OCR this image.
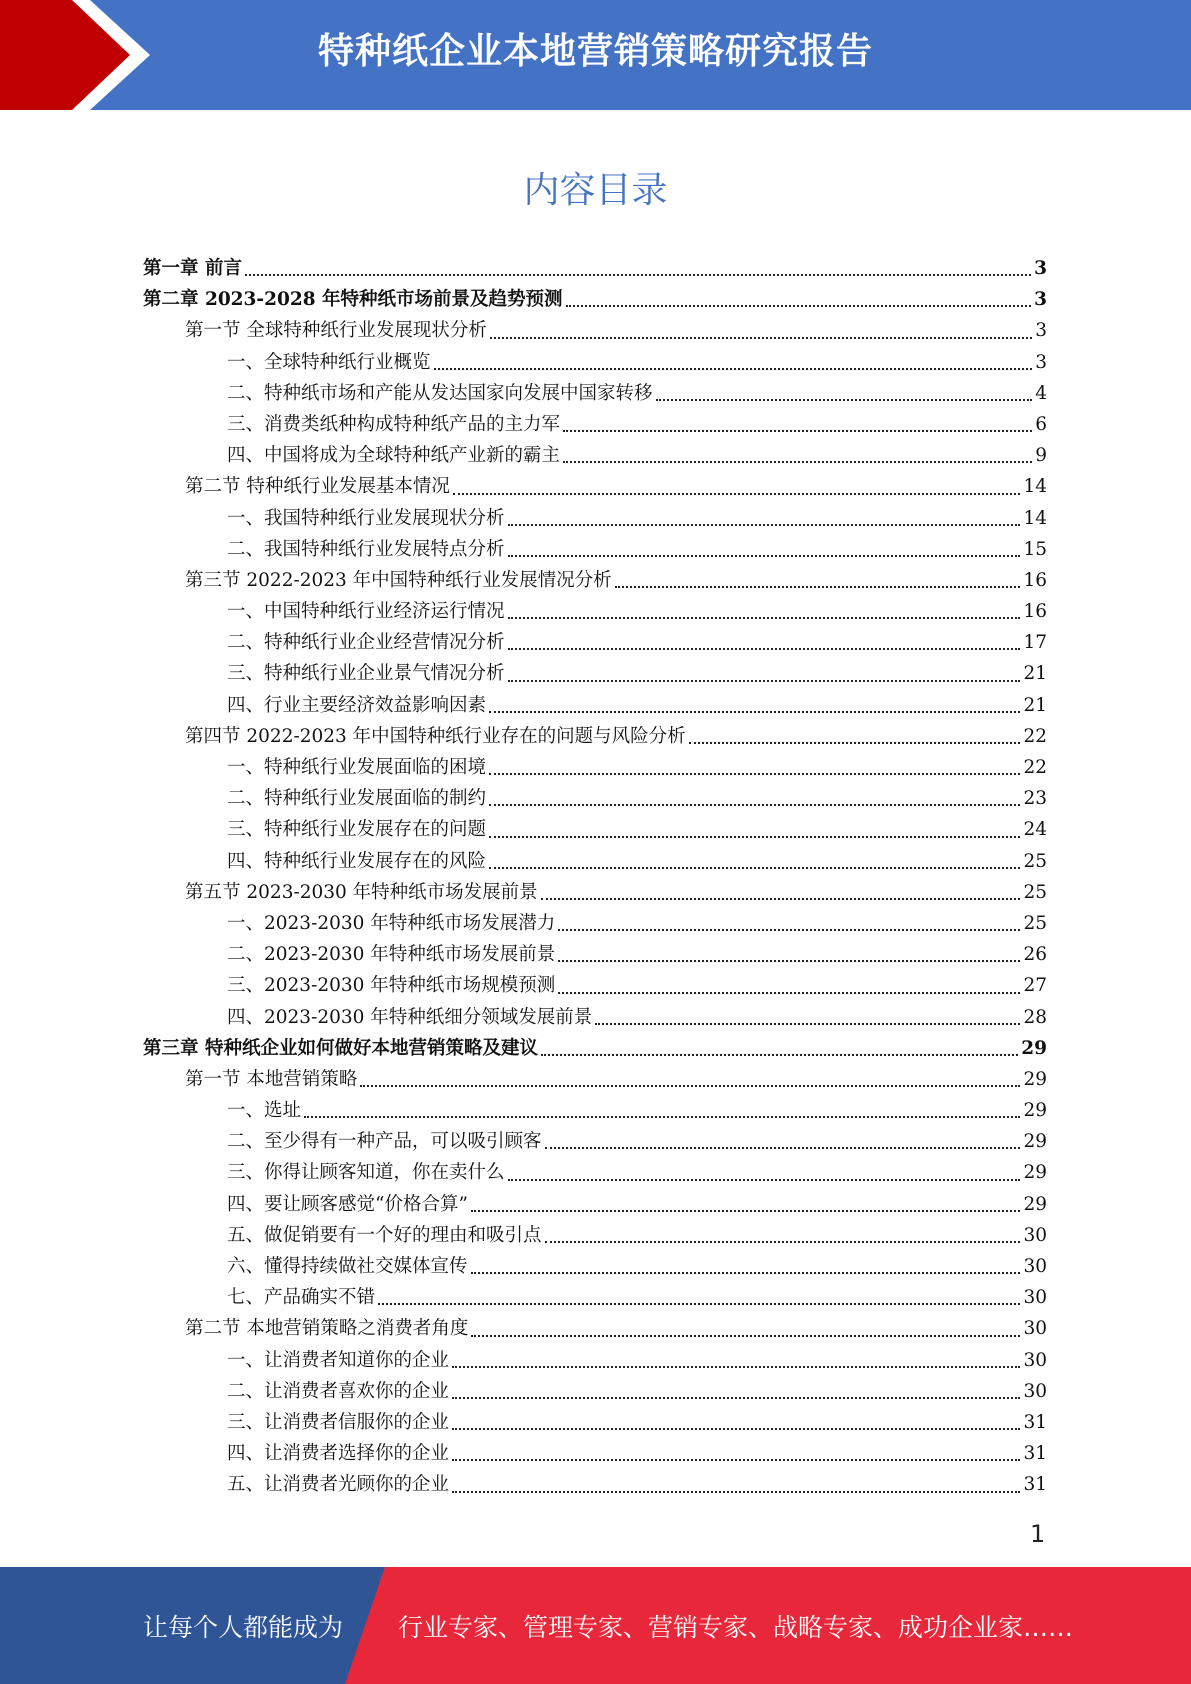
特种纸企业本地营销策略研究报告
内容目录
第一章 前言	3
第二章 2023-2028 年特种纸市场前景及趋势预测	3
第一节 全球特种纸行业发展现状分析	3
一、全球特种纸行业概览	3
二、特种纸市场和产能从发达国家向发展中国家转移	4
三、消费类纸种构成特种纸产品的主力军	6
四、中国将成为全球特种纸产业新的霸主	9
第二节 特种纸行业发展基本情况	14
一、我国特种纸行业发展现状分析	14
二、我国特种纸行业发展特点分析	15
第三节 2022-2023 年中国特种纸行业发展情况分析	16
一、中国特种纸行业经济运行情况	16
二、特种纸行业企业经营情况分析	17
三、特种纸行业企业景气情况分析	21
四、行业主要经济效益影响因素	21
第四节 2022-2023 年中国特种纸行业存在的问题与风险分析	22
一、特种纸行业发展面临的困境	22
二、特种纸行业发展面临的制约	23
三、特种纸行业发展存在的问题	24
四、特种纸行业发展存在的风险	25
第五节 2023-2030 年特种纸市场发展前景	25
一、2023-2030 年特种纸市场发展潜力	25
二、2023-2030 年特种纸市场发展前景	26
三、2023-2030 年特种纸市场规模预测	27
四、2023-2030 年特种纸细分领域发展前景	28
第三章 特种纸企业如何做好本地营销策略及建议	29
第一节 本地营销策略	29
一、选址	29
二、至少得有一种产品，可以吸引顾客	29
三、你得让顾客知道，你在卖什么	29
四、要让顾客感觉“价格合算”	29
五、做促销要有一个好的理由和吸引点	30
六、懂得持续做社交媒体宣传	30
七、产品确实不错	30
第二节 本地营销策略之消费者角度	30
一、让消费者知道你的企业	30
二、让消费者喜欢你的企业	30
三、让消费者信服你的企业	31
四、让消费者选择你的企业	31
五、让消费者光顾你的企业	31
1
让每个人都能成为 行业专家、管理专家、营销专家、战略专家、成功企业家……
